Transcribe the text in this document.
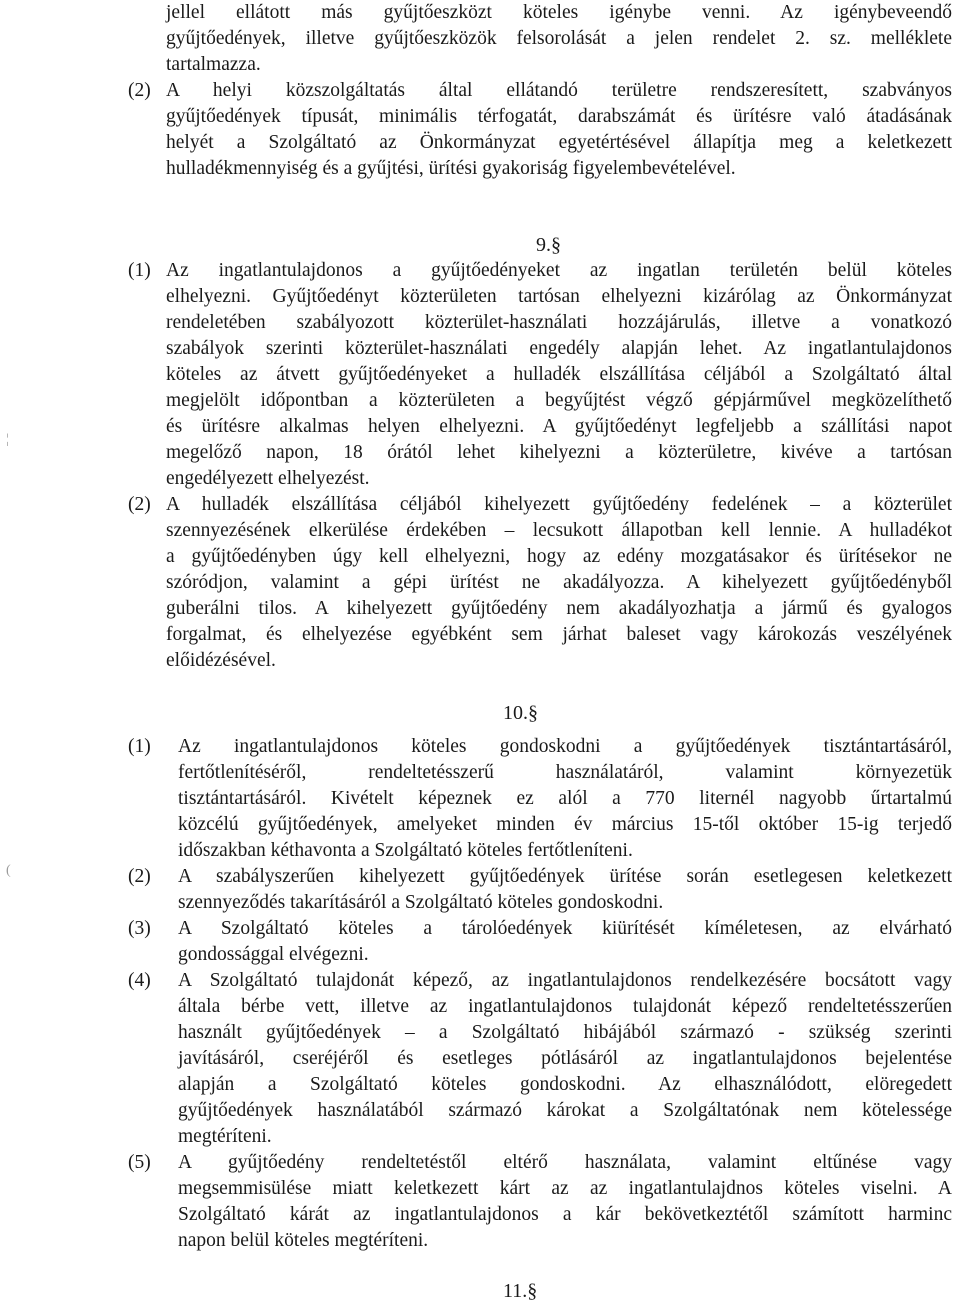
jellel ellátott más gyűjtőeszközt köteles igénybe venni. Az igénybeveendő
gyűjtőedények, illetve gyűjtőeszközök felsorolását a jelen rendelet 2. sz. melléklete
tartalmazza.
(2) A helyi közszolgáltatás által ellátandó területre rendszeresített, szabványos
gyűjtőedények típusát, minimális térfogatát, darabszámát és ürítésre való átadásának
helyét a Szolgáltató az Önkormányzat egyetértésével állapítja meg a keletkezett
hulladékmennyiség és a gyűjtési, ürítési gyakoriság figyelembevételével.
9.§
(1) Az ingatlantulajdonos a gyűjtőedényeket az ingatlan területén belül köteles
elhelyezni. Gyűjtőedényt közterületen tartósan elhelyezni kizárólag az Önkormányzat
rendeletében szabályozott közterület-használati hozzájárulás, illetve a vonatkozó
szabályok szerinti közterület-használati engedély alapján lehet. Az ingatlantulajdonos
köteles az átvett gyűjtőedényeket a hulladék elszállítása céljából a Szolgáltató által
megjelölt időpontban a közterületen a begyűjtést végző gépjárművel megközelíthető
és ürítésre alkalmas helyen elhelyezni. A gyűjtőedényt legfeljebb a szállítási napot
megelőző napon, 18 órától lehet kihelyezni a közterületre, kivéve a tartósan
engedélyezett elhelyezést.
(2) A hulladék elszállítása céljából kihelyezett gyűjtőedény fedelének – a közterület
szennyezésének elkerülése érdekében – lecsukott állapotban kell lennie. A hulladékot
a gyűjtőedényben úgy kell elhelyezni, hogy az edény mozgatásakor és ürítésekor ne
szóródjon, valamint a gépi ürítést ne akadályozza. A kihelyezett gyűjtőedényből
guberálni tilos. A kihelyezett gyűjtőedény nem akadályozhatja a jármű és gyalogos
forgalmat, és elhelyezése egyébként sem járhat baleset vagy károkozás veszélyének
előidézésével.
10.§
(1) Az ingatlantulajdonos köteles gondoskodni a gyűjtőedények tisztántartásáról,
fertőtlenítéséről, rendeltetésszerű használatáról, valamint környezetük
tisztántartásáról. Kivételt képeznek ez alól a 770 liternél nagyobb űrtartalmú
közcélú gyűjtőedények, amelyeket minden év március 15-től október 15-ig terjedő
időszakban kéthavonta a Szolgáltató köteles fertőtleníteni.
(2) A szabályszerűen kihelyezett gyűjtőedények ürítése során esetlegesen keletkezett
szennyeződés takarításáról a Szolgáltató köteles gondoskodni.
(3) A Szolgáltató köteles a tárolóedények kiürítését kíméletesen, az elvárható
gondossággal elvégezni.
(4) A Szolgáltató tulajdonát képező, az ingatlantulajdonos rendelkezésére bocsátott vagy
általa bérbe vett, illetve az ingatlantulajdonos tulajdonát képező rendeltetésszerűen
használt gyűjtőedények – a Szolgáltató hibájából származó - szükség szerinti
javításáról, cseréjéről és esetleges pótlásáról az ingatlantulajdonos bejelentése
alapján a Szolgáltató köteles gondoskodni. Az elhasználódott, elöregedett
gyűjtőedények használatából származó károkat a Szolgáltatónak nem kötelessége
megtéríteni.
(5) A gyűjtőedény rendeltetéstől eltérő használata, valamint eltűnése vagy
megsemmisülése miatt keletkezett kárt az az ingatlantulajdnos köteles viselni. A
Szolgáltató kárát az ingatlantulajdonos a kár bekövetkeztétől számított harminc
napon belül köteles megtéríteni.
11.§
¦
(
